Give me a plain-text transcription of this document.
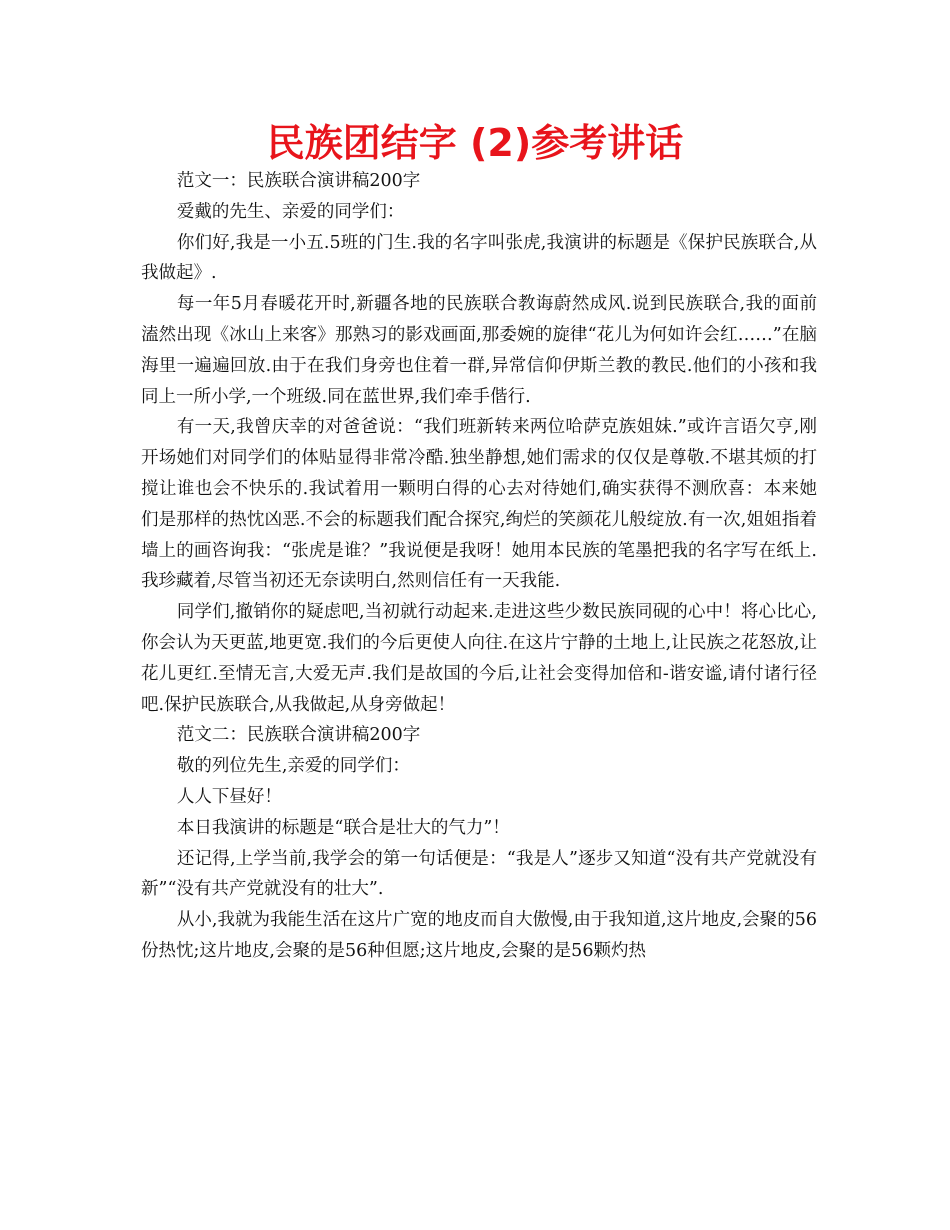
民族团结字 (2)参考讲话

范文一：民族联合演讲稿200字

爱戴的先生、亲爱的同学们：

你们好,我是一小五.5班的门生.我的名字叫张虎,我演讲的标题是《保护民族联合,从我做起》.

每一年5月春暖花开时,新疆各地的民族联合教诲蔚然成风.说到民族联合,我的面前溘然出现《冰山上来客》那熟习的影戏画面,那委婉的旋律“花儿为何如许会红……”在脑海里一遍遍回放.由于在我们身旁也住着一群,异常信仰伊斯兰教的教民.他们的小孩和我同上一所小学,一个班级.同在蓝世界,我们牵手偕行.

有一天,我曾庆幸的对爸爸说：“我们班新转来两位哈萨克族姐妹.”或许言语欠亨,刚开场她们对同学们的体贴显得非常冷酷.独坐静想,她们需求的仅仅是尊敬.不堪其烦的打搅让谁也会不快乐的.我试着用一颗明白得的心去对待她们,确实获得不测欣喜：本来她们是那样的热忱凶恶.不会的标题我们配合探究,绚烂的笑颜花儿般绽放.有一次,姐姐指着墙上的画咨询我：“张虎是谁？”我说便是我呀！她用本民族的笔墨把我的名字写在纸上.我珍藏着,尽管当初还无奈读明白,然则信任有一天我能.

同学们,撤销你的疑虑吧,当初就行动起来.走进这些少数民族同砚的心中！将心比心,你会认为天更蓝,地更宽.我们的今后更使人向往.在这片宁静的土地上,让民族之花怒放,让花儿更红.至情无言,大爱无声.我们是故国的今后,让社会变得加倍和-谐安谧,请付诸行径吧.保护民族联合,从我做起,从身旁做起！

范文二：民族联合演讲稿200字

敬的列位先生,亲爱的同学们：

人人下昼好！

本日我演讲的标题是“联合是壮大的气力”！

还记得,上学当前,我学会的第一句话便是：“我是人”逐步又知道“没有共产党就没有新”“没有共产党就没有的壮大”.

从小,我就为我能生活在这片广宽的地皮而自大傲慢,由于我知道,这片地皮,会聚的56份热忱;这片地皮,会聚的是56种但愿;这片地皮,会聚的是56颗灼热
